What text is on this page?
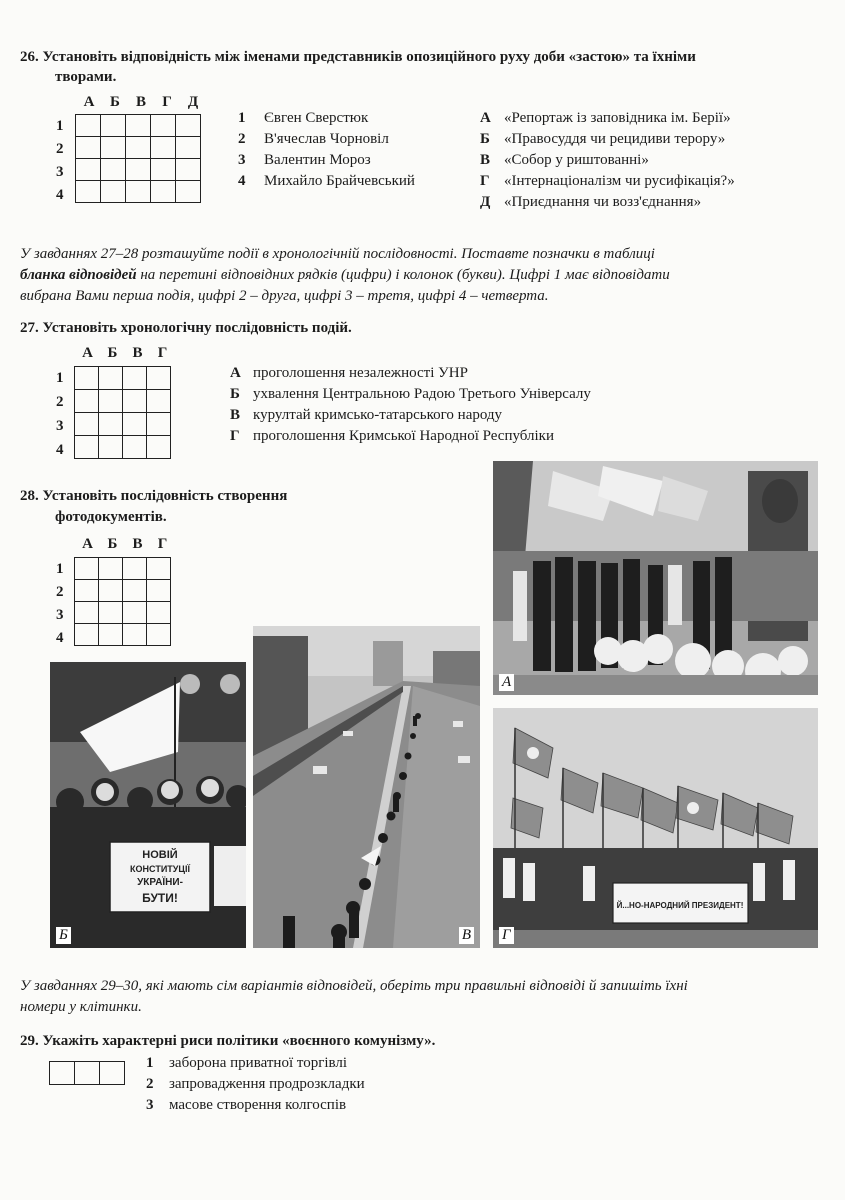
26. Установіть відповідність між іменами представників опозиційного руху доби «застою» та їхніми
творами.
А	Б	В	Г	Д
1
2
3
4

1 Євген Сверстюк
2 В'ячеслав Чорновіл
3 Валентин Мороз
4 Михайло Брайчевський
А «Репортаж із заповідника ім. Берії»
Б «Правосуддя чи рецидиви терору»
В «Собор у риштованні»
Г «Інтернаціоналізм чи русифікація?»
Д «Приєднання чи возз'єднання»
У завданнях 27–28 розташуйте події в хронологічній послідовності. Поставте позначки в таблиці
бланка відповідей на перетині відповідних рядків (цифри) і колонок (букви). Цифрі 1 має відповідати
вибрана Вами перша подія, цифрі 2 – друга, цифрі 3 – третя, цифрі 4 – четверта.
27. Установіть хронологічну послідовність подій.
А Б	В	Г
1
2
3
4

А проголошення незалежності УНР
Б ухвалення Центральною Радою Третього Універсалу
В курултай кримсько-татарського народу
Г проголошення Кримської Народної Республіки
28. Установіть послідовність створення
фотодокументів.
А Б	В	Г
1
2
3
4

А
НОВІЙ
КОНСТИТУЦІЇ
УКРАЇНИ-
БУТИ!
Б	В
Й...НО-НАРОДНИЙ ПРЕЗИДЕНТ!
Г
У завданнях 29–30, які мають сім варіантів відповідей, оберіть три правильні відповіді й запишіть їхні
номери у клітинки.
29. Укажіть характерні риси політики «воєнного комунізму».

1 заборона приватної торгівлі
2 запровадження продрозкладки
3 масове створення колгоспів
